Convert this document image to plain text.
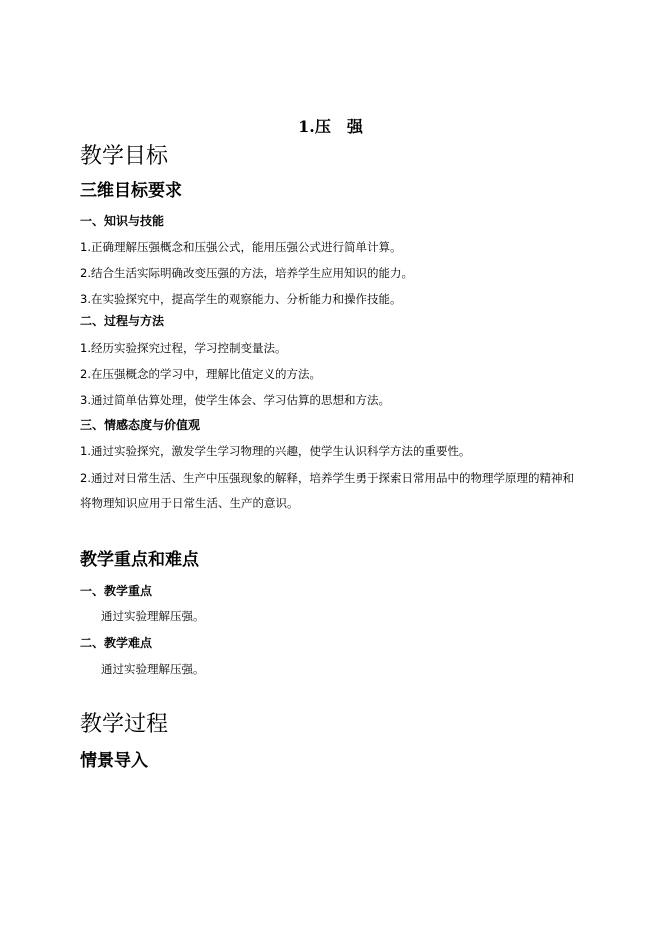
1.压　强
教学目标
三维目标要求
一、知识与技能
1.正确理解压强概念和压强公式，能用压强公式进行简单计算。
2.结合生活实际明确改变压强的方法，培养学生应用知识的能力。
3.在实验探究中，提高学生的观察能力、分析能力和操作技能。
二、过程与方法
1.经历实验探究过程，学习控制变量法。
2.在压强概念的学习中，理解比值定义的方法。
3.通过简单估算处理，使学生体会、学习估算的思想和方法。
三、情感态度与价值观
1.通过实验探究，激发学生学习物理的兴趣，使学生认识科学方法的重要性。
2.通过对日常生活、生产中压强现象的解释，培养学生勇于探索日常用品中的物理学原理的精神和
将物理知识应用于日常生活、生产的意识。
教学重点和难点
一、教学重点
通过实验理解压强。
二、教学难点
通过实验理解压强。
教学过程
情景导入
